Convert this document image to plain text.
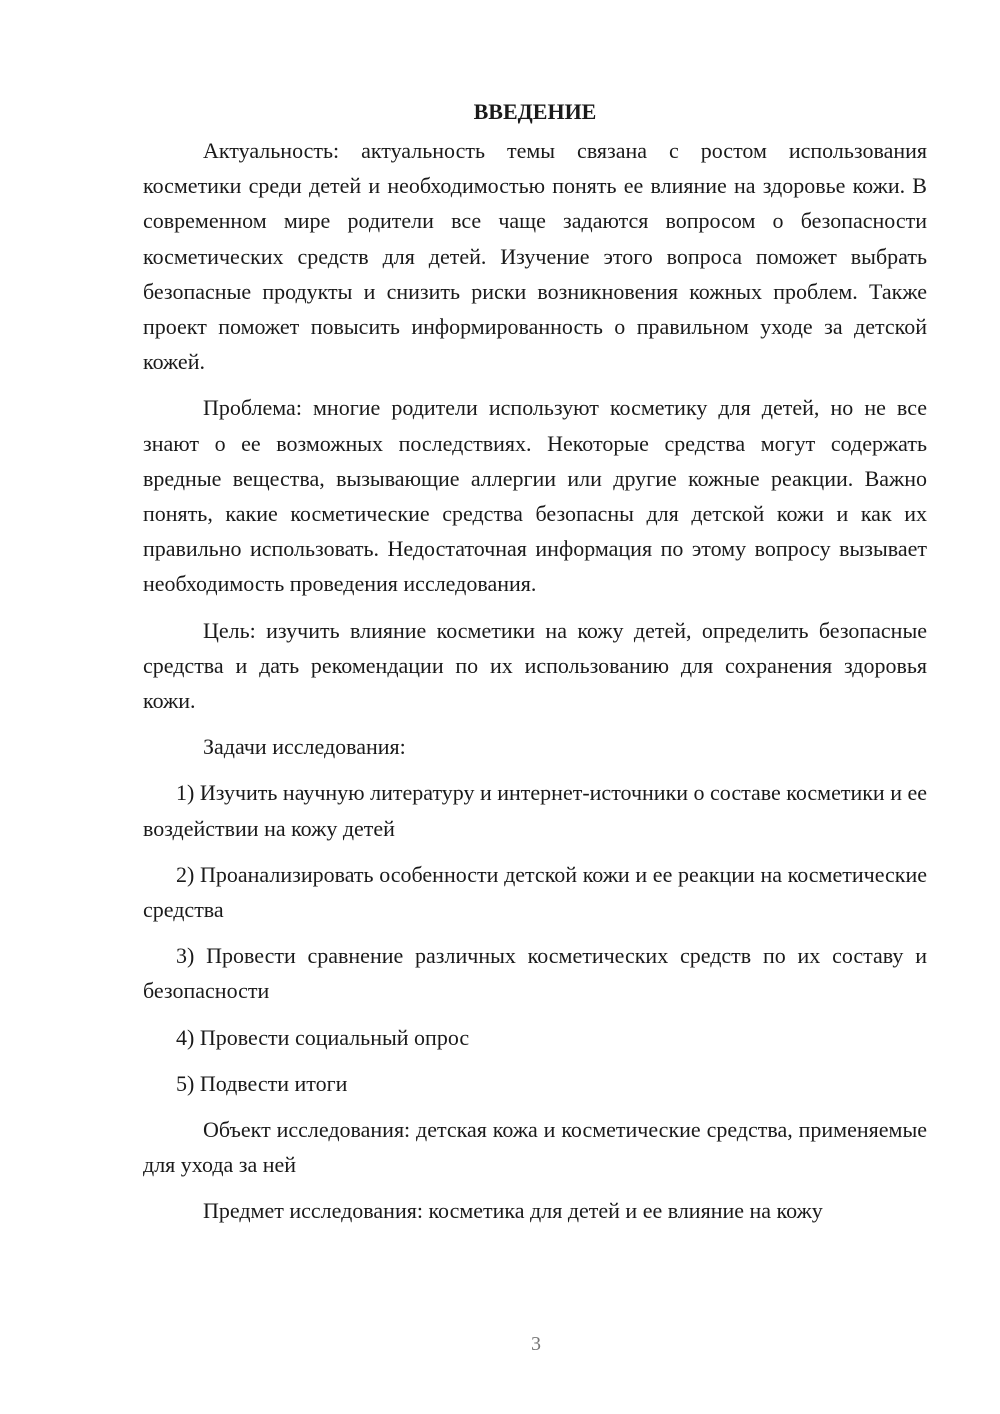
ВВЕДЕНИЕ

Актуальность: актуальность темы связана с ростом использования косметики среди детей и необходимостью понять ее влияние на здоровье кожи. В современном мире родители все чаще задаются вопросом о безопасности косметических средств для детей. Изучение этого вопроса поможет выбрать безопасные продукты и снизить риски возникновения кожных проблем. Также проект поможет повысить информированность о правильном уходе за детской кожей.

Проблема: многие родители используют косметику для детей, но не все знают о ее возможных последствиях. Некоторые средства могут содержать вредные вещества, вызывающие аллергии или другие кожные реакции. Важно понять, какие косметические средства безопасны для детской кожи и как их правильно использовать. Недостаточная информация по этому вопросу вызывает необходимость проведения исследования.

Цель: изучить влияние косметики на кожу детей, определить безопасные средства и дать рекомендации по их использованию для сохранения здоровья кожи.

Задачи исследования:

1) Изучить научную литературу и интернет-источники о составе косметики и ее воздействии на кожу детей

2) Проанализировать особенности детской кожи и ее реакции на косметические средства

3) Провести сравнение различных косметических средств по их составу и безопасности

4) Провести социальный опрос

5) Подвести итоги

Объект исследования: детская кожа и косметические средства, применяемые для ухода за ней

Предмет исследования: косметика для детей и ее влияние на кожу

3
